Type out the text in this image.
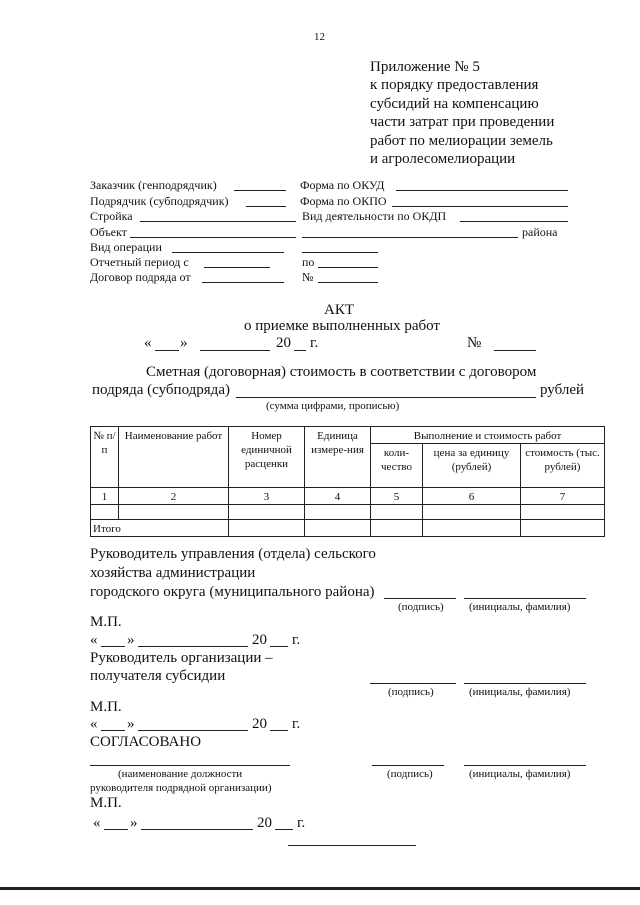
12
Приложение № 5
к порядку предоставления
субсидий на компенсацию
части затрат при проведении
работ по мелиорации земель
и агролесомелиорации
Заказчик (генподрядчик)	Форма по ОКУД
Подрядчик (субподрядчик)	Форма по ОКПО
Стройка	Вид деятельности по ОКДП
Объект	района
Вид операции
Отчетный период с	по
Договор подряда от	№
АКТ
о приемке выполненных работ
« »	20 г.	№
Сметная (договорная) стоимость в соответствии с договором
подряда (субподряда)	рублей
(сумма цифрами, прописью)
№ п/п	Наименование работ	Номер единичной расценки	Единица измере-ния	Выполнение и стоимость работ		
				коли-чество	цена за единицу (рублей)	стоимость (тыс. рублей)
1	2	3	4	5	6	7

Итого						
Руководитель управления (отдела) сельского
хозяйства администрации
городского округа (муниципального района)
(подпись) (инициалы, фамилия)
М.П.
« »	20 г.
Руководитель организации –
получателя субсидии
(подпись)	(инициалы, фамилия)
М.П.
« »	20 г.
СОГЛАСОВАНО
(наименование должности
руководителя подрядной организации)
(подпись)	(инициалы, фамилия)
М.П.
« »	20 г.
